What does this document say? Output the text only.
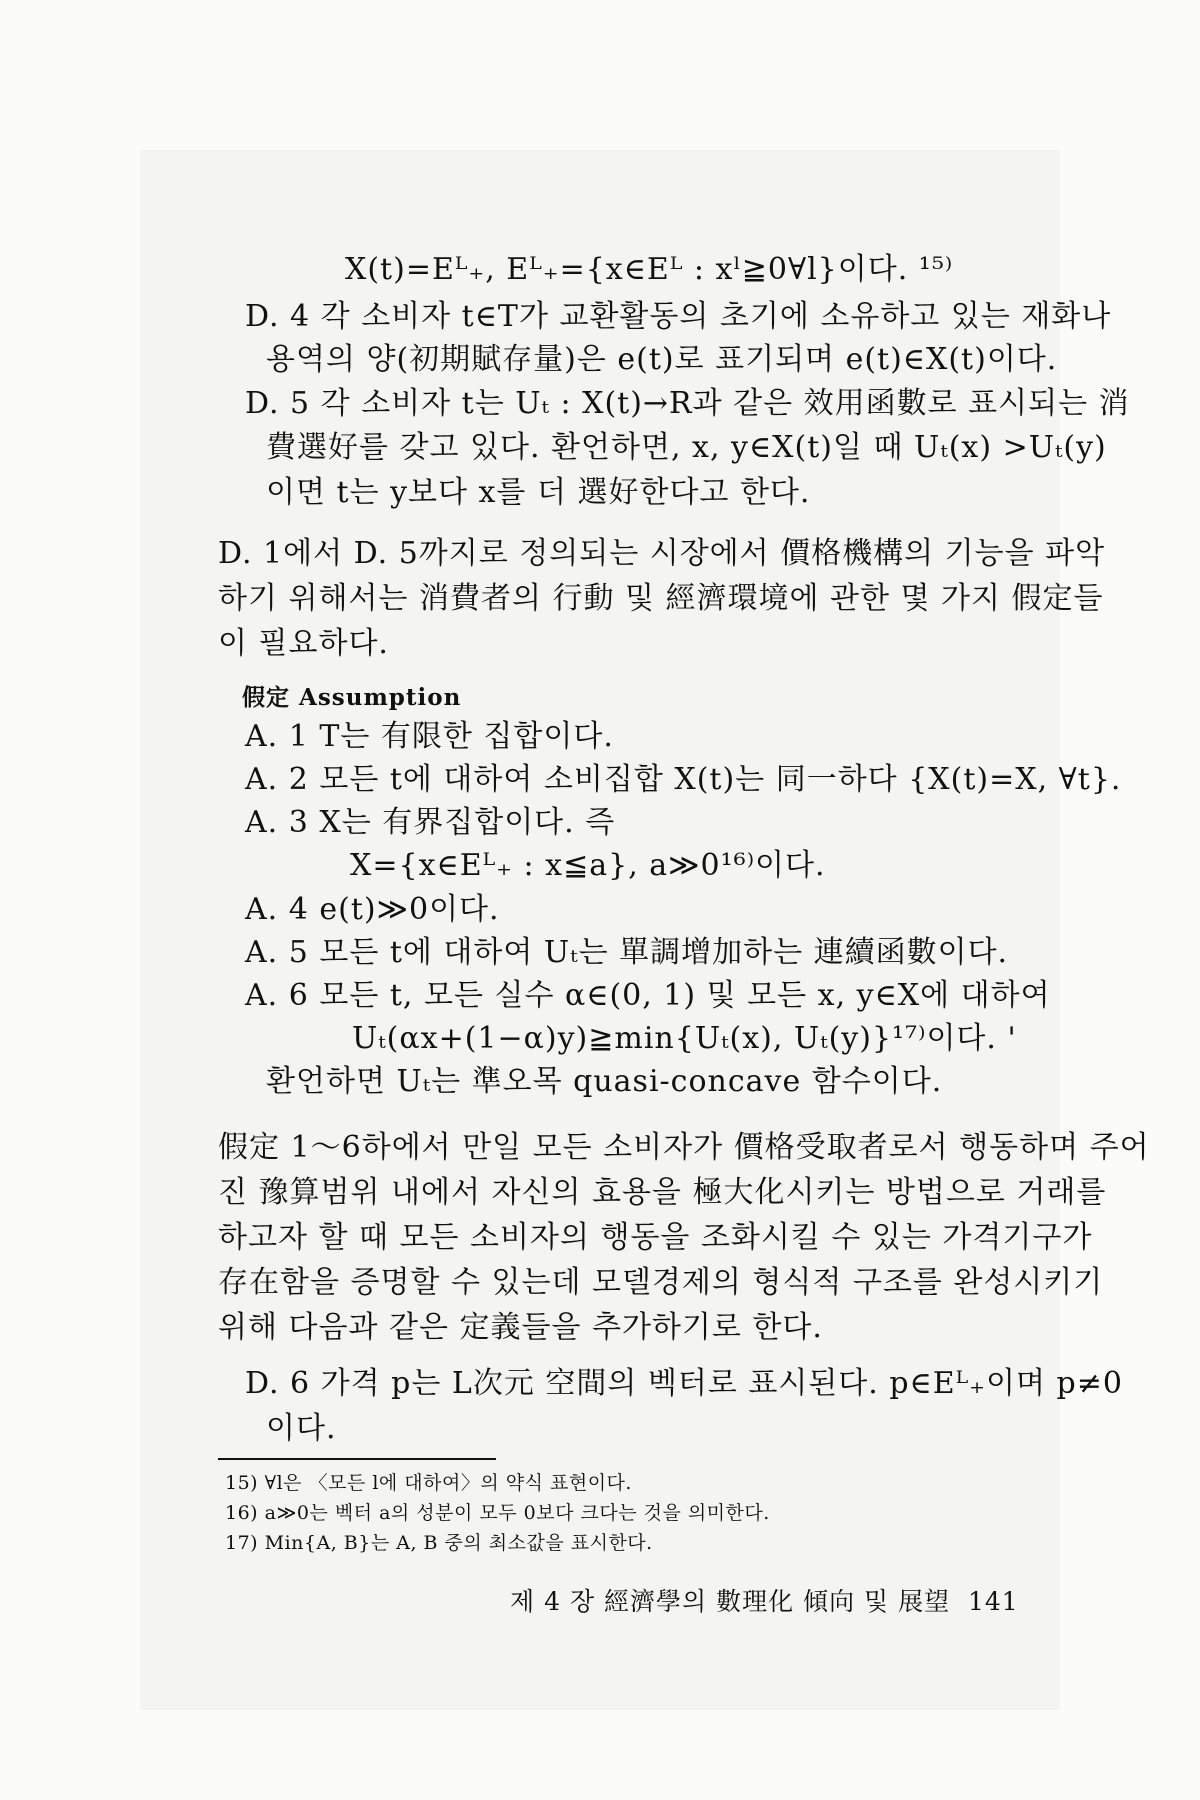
X(t)=Eᴸ₊, Eᴸ₊={x∈Eᴸ : xˡ≧0∀l}이다. ¹⁵⁾
D. 4 각 소비자 t∈T가 교환활동의 초기에 소유하고 있는 재화나
용역의 양(初期賦存量)은 e(t)로 표기되며 e(t)∈X(t)이다.
D. 5 각 소비자 t는 Uₜ : X(t)→R과 같은 效用函數로 표시되는 消
費選好를 갖고 있다. 환언하면, x, y∈X(t)일 때 Uₜ(x) >Uₜ(y)
이면 t는 y보다 x를 더 選好한다고 한다.
D. 1에서 D. 5까지로 정의되는 시장에서 價格機構의 기능을 파악
하기 위해서는 消費者의 行動 및 經濟環境에 관한 몇 가지 假定들
이 필요하다.
假定 Assumption
A. 1 T는 有限한 집합이다.
A. 2 모든 t에 대하여 소비집합 X(t)는 同一하다 {X(t)=X, ∀t}.
A. 3 X는 有界집합이다. 즉
X={x∈Eᴸ₊ : x≦a}, a≫0¹⁶⁾이다.
A. 4 e(t)≫0이다.
A. 5 모든 t에 대하여 Uₜ는 單調增加하는 連續函數이다.
A. 6 모든 t, 모든 실수 α∈(0, 1) 및 모든 x, y∈X에 대하여
Uₜ(αx+(1−α)y)≧min{Uₜ(x), Uₜ(y)}¹⁷⁾이다. '
환언하면 Uₜ는 準오목 quasi-concave 함수이다.
假定 1～6하에서 만일 모든 소비자가 價格受取者로서 행동하며 주어
진 豫算범위 내에서 자신의 효용을 極大化시키는 방법으로 거래를
하고자 할 때 모든 소비자의 행동을 조화시킬 수 있는 가격기구가
存在함을 증명할 수 있는데 모델경제의 형식적 구조를 완성시키기
위해 다음과 같은 定義들을 추가하기로 한다.
D. 6 가격 p는 L次元 空間의 벡터로 표시된다. p∈Eᴸ₊이며 p≠0
이다.
15) ∀l은 〈모든 l에 대하여〉의 약식 표현이다.
16) a≫0는 벡터 a의 성분이 모두 0보다 크다는 것을 의미한다.
17) Min{A, B}는 A, B 중의 최소값을 표시한다.
제 4 장 經濟學의 數理化 傾向 및 展望 141
